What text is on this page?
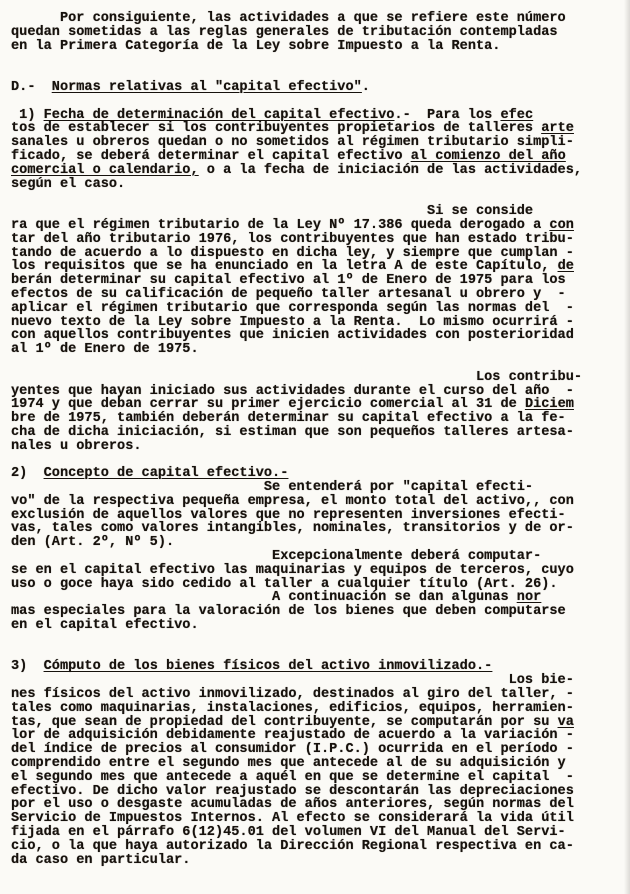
Por consiguiente, las actividades a que se refiere este número
quedan sometidas a las reglas generales de tributación contempladas
en la Primera Categoría de la Ley sobre Impuesto a la Renta.
D.-  Normas relativas al "capital efectivo".
1) Fecha de determinación del capital efectivo.-  Para los efec
tos de establecer si los contribuyentes propietarios de talleres arte
sanales u obreros quedan o no sometidos al régimen tributario simpli-
ficado, se deberá determinar el capital efectivo al comienzo del año
comercial o calendario, o a la fecha de iniciación de las actividades,
según el caso.
Si se conside
ra que el régimen tributario de la Ley Nº 17.386 queda derogado a con
tar del año tributario 1976, los contribuyentes que han estado tribu-
tando de acuerdo a lo dispuesto en dicha ley, y siempre que cumplan -
los requisitos que se ha enunciado en la letra A de este Capítulo, de
berán determinar su capital efectivo al 1º de Enero de 1975 para los
efectos de su calificación de pequeño taller artesanal u obrero y  -
aplicar el régimen tributario que corresponda según las normas del  -
nuevo texto de la Ley sobre Impuesto a la Renta.  Lo mismo ocurrirá -
con aquellos contribuyentes que inicien actividades con posterioridad
al 1º de Enero de 1975.
Los contribu-
yentes que hayan iniciado sus actividades durante el curso del año  -
1974 y que deban cerrar su primer ejercicio comercial al 31 de Diciem
bre de 1975, también deberán determinar su capital efectivo a la fe-
cha de dicha iniciación, si estiman que son pequeños talleres artesa-
nales u obreros.
2)  Concepto de capital efectivo.-
Se entenderá por "capital efecti-
vo" de la respectiva pequeña empresa, el monto total del activo,, con
exclusión de aquellos valores que no representen inversiones efecti-
vas, tales como valores intangibles, nominales, transitorios y de or-
den (Art. 2º, Nº 5).
Excepcionalmente deberá computar-
se en el capital efectivo las maquinarias y equipos de terceros, cuyo
uso o goce haya sido cedido al taller a cualquier título (Art. 26).
A continuación se dan algunas nor
mas especiales para la valoración de los bienes que deben computarse
en el capital efectivo.
3)  Cómputo de los bienes físicos del activo inmovilizado.-
Los bie-
nes físicos del activo inmovilizado, destinados al giro del taller, -
tales como maquinarias, instalaciones, edificios, equipos, herramien-
tas, que sean de propiedad del contribuyente, se computarán por su va
lor de adquisición debidamente reajustado de acuerdo a la variación -
del índice de precios al consumidor (I.P.C.) ocurrida en el período -
comprendido entre el segundo mes que antecede al de su adquisición y
el segundo mes que antecede a aquél en que se determine el capital  -
efectivo. De dicho valor reajustado se descontarán las depreciaciones
por el uso o desgaste acumuladas de años anteriores, según normas del
Servicio de Impuestos Internos. Al efecto se considerará la vida útil
fijada en el párrafo 6(12)45.01 del volumen VI del Manual del Servi-
cio, o la que haya autorizado la Dirección Regional respectiva en ca-
da caso en particular.
